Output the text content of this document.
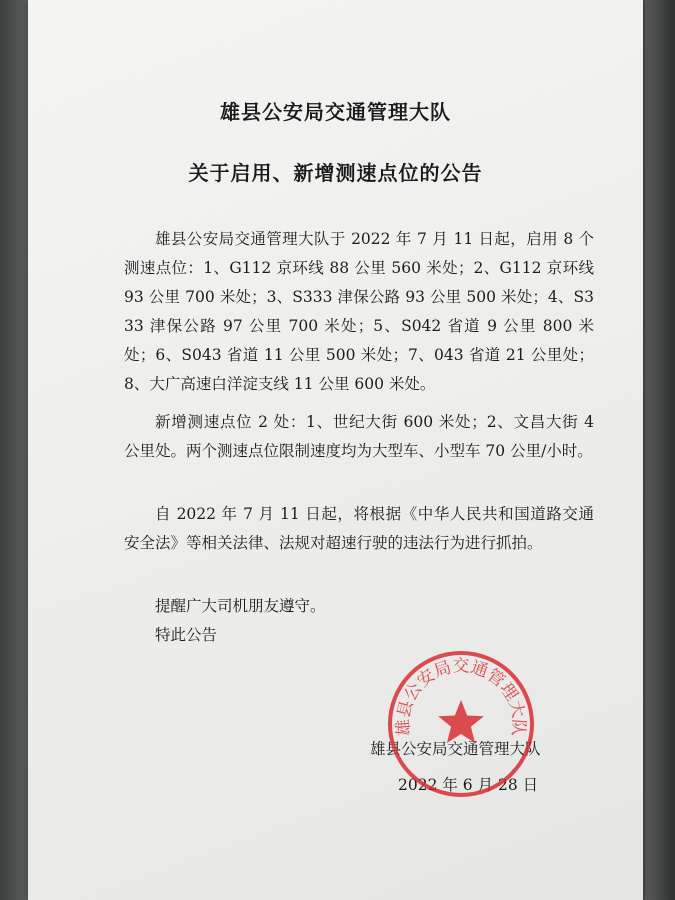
雄县公安局交通管理大队
关于启用、新增测速点位的公告

雄县公安局交通管理大队于 2022 年 7 月 11 日起，启用 8 个测速点位：1、G112 京环线 88 公里 560 米处；2、G112 京环线 93 公里 700 米处；3、S333 津保公路 93 公里 500 米处；4、S333 津保公路 97 公里 700 米处；5、S042 省道 9 公里 800 米处；6、S043 省道 11 公里 500 米处；7、043 省道 21 公里处；8、大广高速白洋淀支线 11 公里 600 米处。

新增测速点位 2 处：1、世纪大街 600 米处；2、文昌大街 4 公里处。两个测速点位限制速度均为大型车、小型车 70 公里/小时。

自 2022 年 7 月 11 日起，将根据《中华人民共和国道路交通安全法》等相关法律、法规对超速行驶的违法行为进行抓拍。

提醒广大司机朋友遵守。

特此公告

雄县公安局交通管理大队

2022 年 6 月 28 日

雄县公安局交通管理大队
